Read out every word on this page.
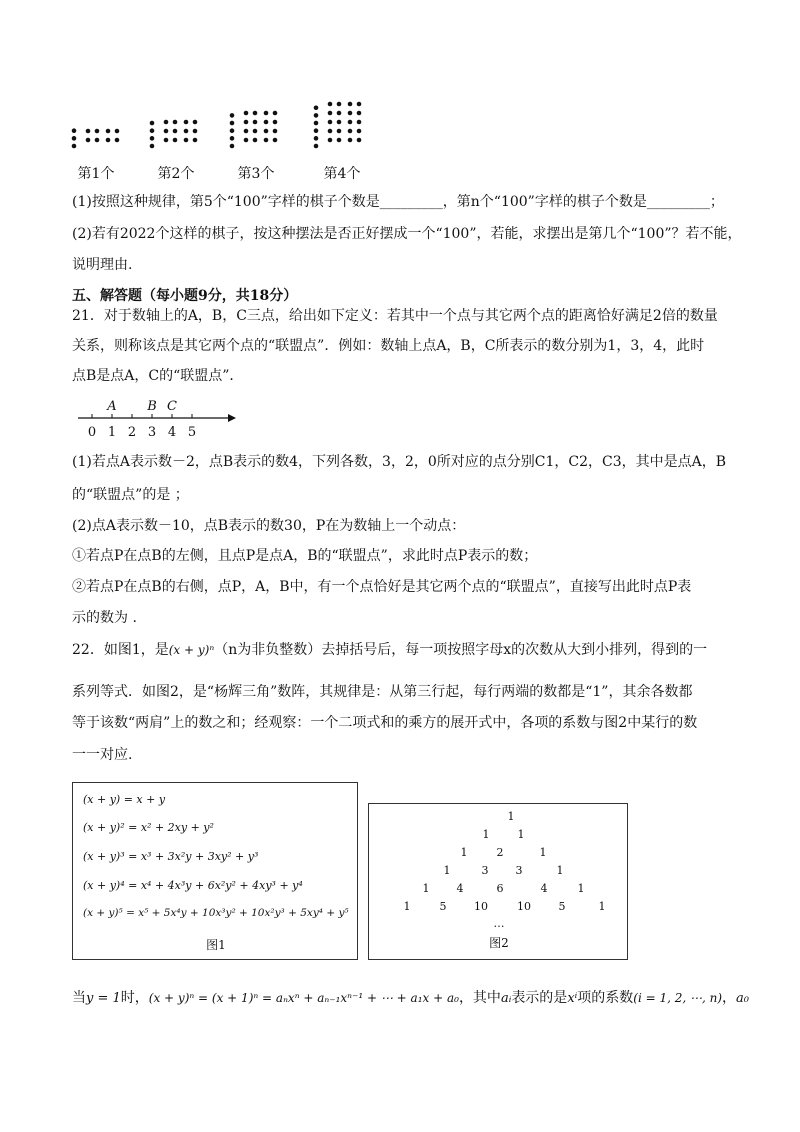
第1个	第2个	第3个	第4个
(1)按照这种规律，第5个“100”字样的棋子个数是_________，第n个“100”字样的棋子个数是_________；
(2)若有2022个这样的棋子，按这种摆法是否正好摆成一个“100”，若能，求摆出是第几个“100”？若不能，
说明理由.
五、解答题（每小题9分，共18分）
21．对于数轴上的A，B，C三点，给出如下定义：若其中一个点与其它两个点的距离恰好满足2倍的数量
关系，则称该点是其它两个点的“联盟点”．例如：数轴上点A，B，C所表示的数分别为1，3，4，此时
点B是点A，C的“联盟点”．
A B C
0 1 2 3 4 5
(1)若点A表示数－2，点B表示的数4，下列各数，3，2，0所对应的点分别C1，C2，C3，其中是点A，B
的“联盟点”的是 ；
(2)点A表示数－10，点B表示的数30，P在为数轴上一个动点：
①若点P在点B的左侧，且点P是点A，B的“联盟点”，求此时点P表示的数；
②若点P在点B的右侧，点P，A，B中，有一个点恰好是其它两个点的“联盟点”，直接写出此时点P表
示的数为 .
22．如图1，是(x + y)ⁿ（n为非负整数）去掉括号后，每一项按照字母x的次数从大到小排列，得到的一
系列等式．如图2，是“杨辉三角”数阵，其规律是：从第三行起，每行两端的数都是“1”，其余各数都
等于该数“两肩”上的数之和；经观察：一个二项式和的乘方的展开式中，各项的系数与图2中某行的数
一一对应.
(x + y) = x + y
(x + y)² = x² + 2xy + y²
(x + y)³ = x³ + 3x²y + 3xy² + y³
(x + y)⁴ = x⁴ + 4x³y + 6x²y² + 4xy³ + y⁴
(x + y)⁵ = x⁵ + 5x⁴y + 10x³y² + 10x²y³ + 5xy⁴ + y⁵
图1
1
1	1
1	2	1
1	3	3	1
1	4	6	4	1
1	5	10	10	5	1
…
图2
当y = 1时，(x + y)ⁿ = (x + 1)ⁿ = aₙxⁿ + aₙ₋₁xⁿ⁻¹ + ⋯ + a₁x + a₀，其中aᵢ表示的是xⁱ项的系数(i = 1, 2, ⋯, n)，a₀
